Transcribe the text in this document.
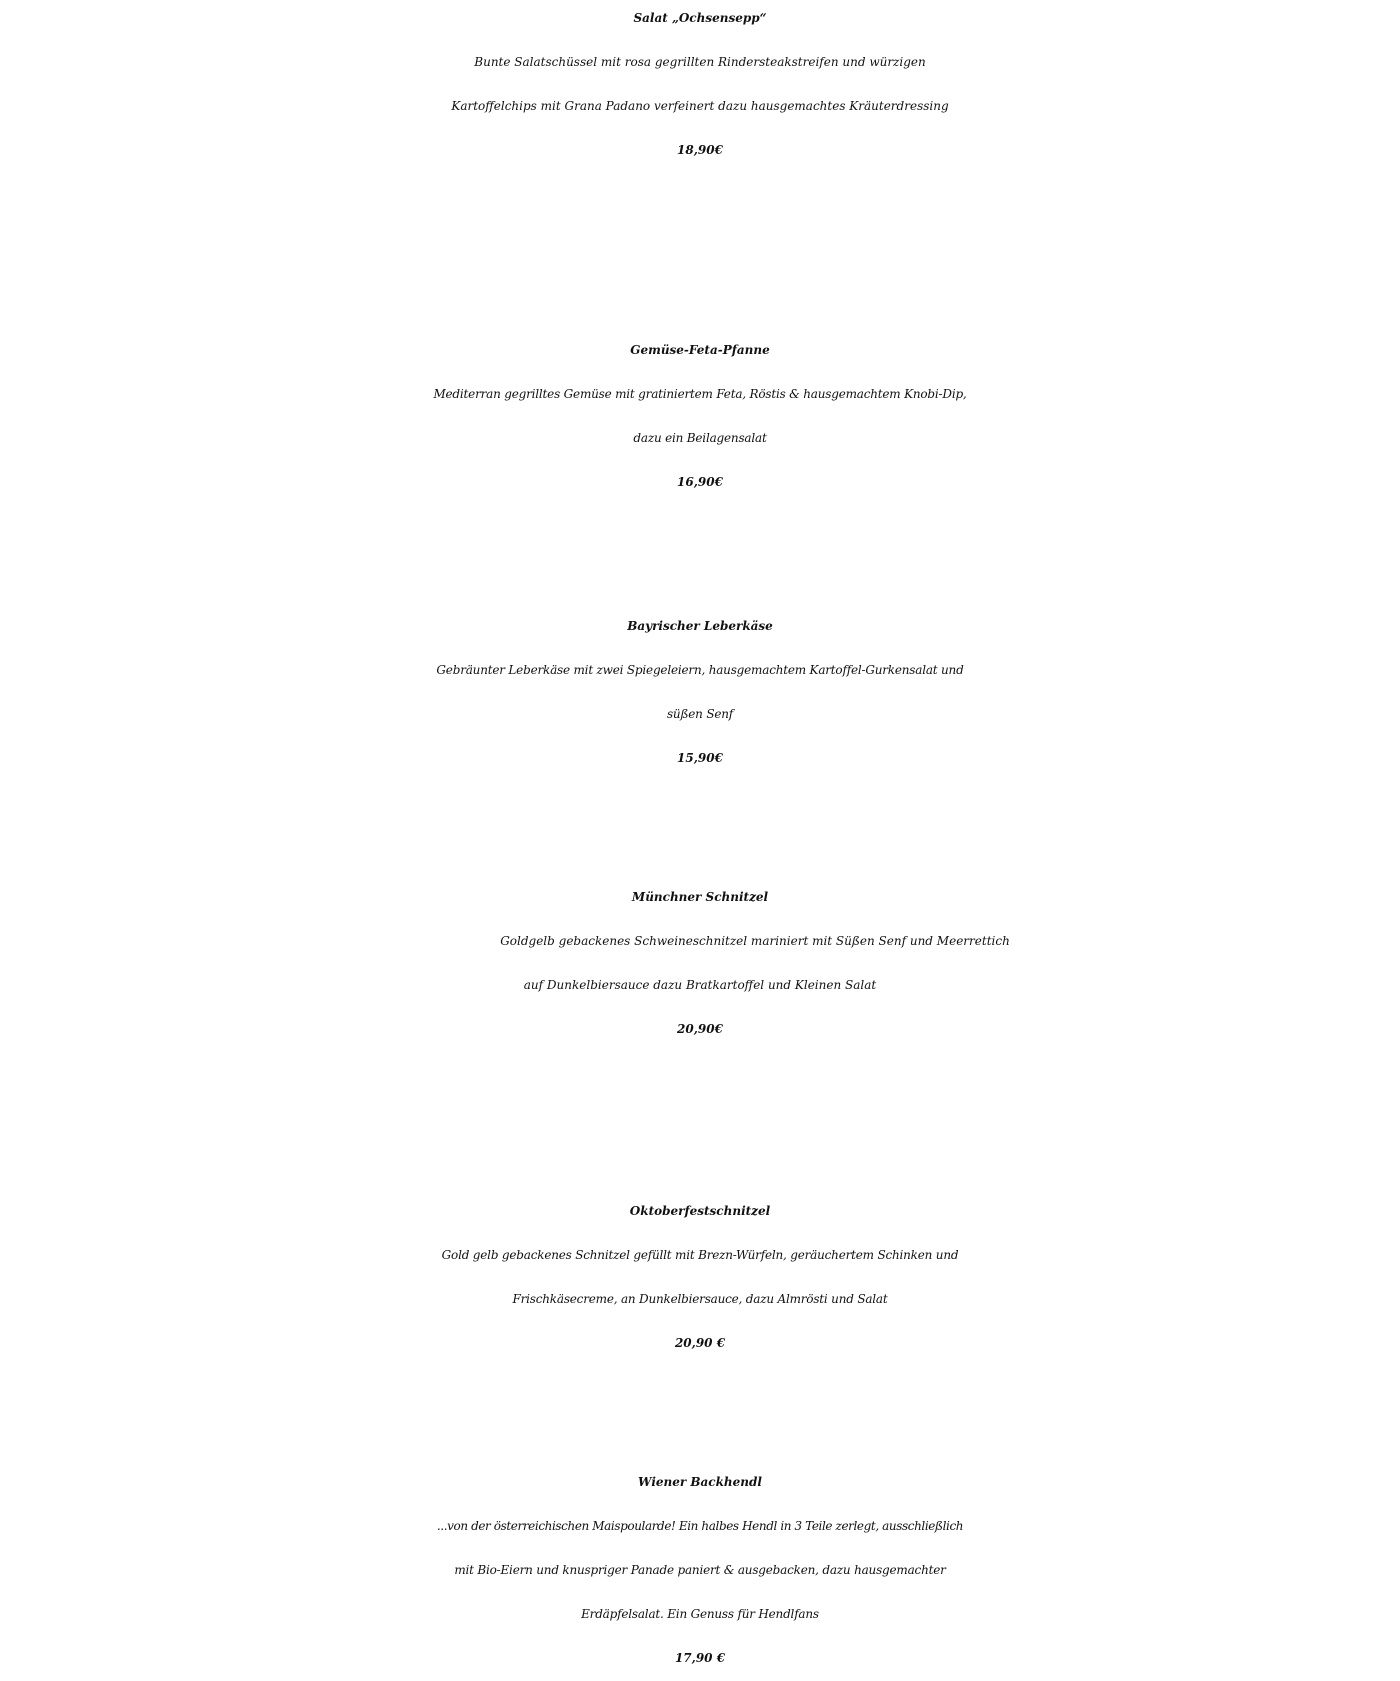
Salat „Ochsensepp“

Bunte Salatschüssel mit rosa gegrillten Rindersteakstreifen und würzigen

Kartoffelchips mit Grana Padano verfeinert dazu hausgemachtes Kräuterdressing

18,90€

Gemüse-Feta-Pfanne

Mediterran gegrilltes Gemüse mit gratiniertem Feta, Röstis & hausgemachtem Knobi-Dip,

dazu ein Beilagensalat

16,90€

Bayrischer Leberkäse

Gebräunter Leberkäse mit zwei Spiegeleiern, hausgemachtem Kartoffel-Gurkensalat und

süßen Senf

15,90€

Münchner Schnitzel

Goldgelb gebackenes Schweineschnitzel mariniert mit Süßen Senf und Meerrettich

auf Dunkelbiersauce dazu Bratkartoffel und Kleinen Salat

20,90€

Oktoberfestschnitzel

Gold gelb gebackenes Schnitzel gefüllt mit Brezn-Würfeln, geräuchertem Schinken und

Frischkäsecreme, an Dunkelbiersauce, dazu Almrösti und Salat

20,90 €

Wiener Backhendl

...von der österreichischen Maispoularde! Ein halbes Hendl in 3 Teile zerlegt, ausschließlich

mit Bio-Eiern und knuspriger Panade paniert & ausgebacken, dazu hausgemachter

Erdäpfelsalat. Ein Genuss für Hendlfans

17,90 €
